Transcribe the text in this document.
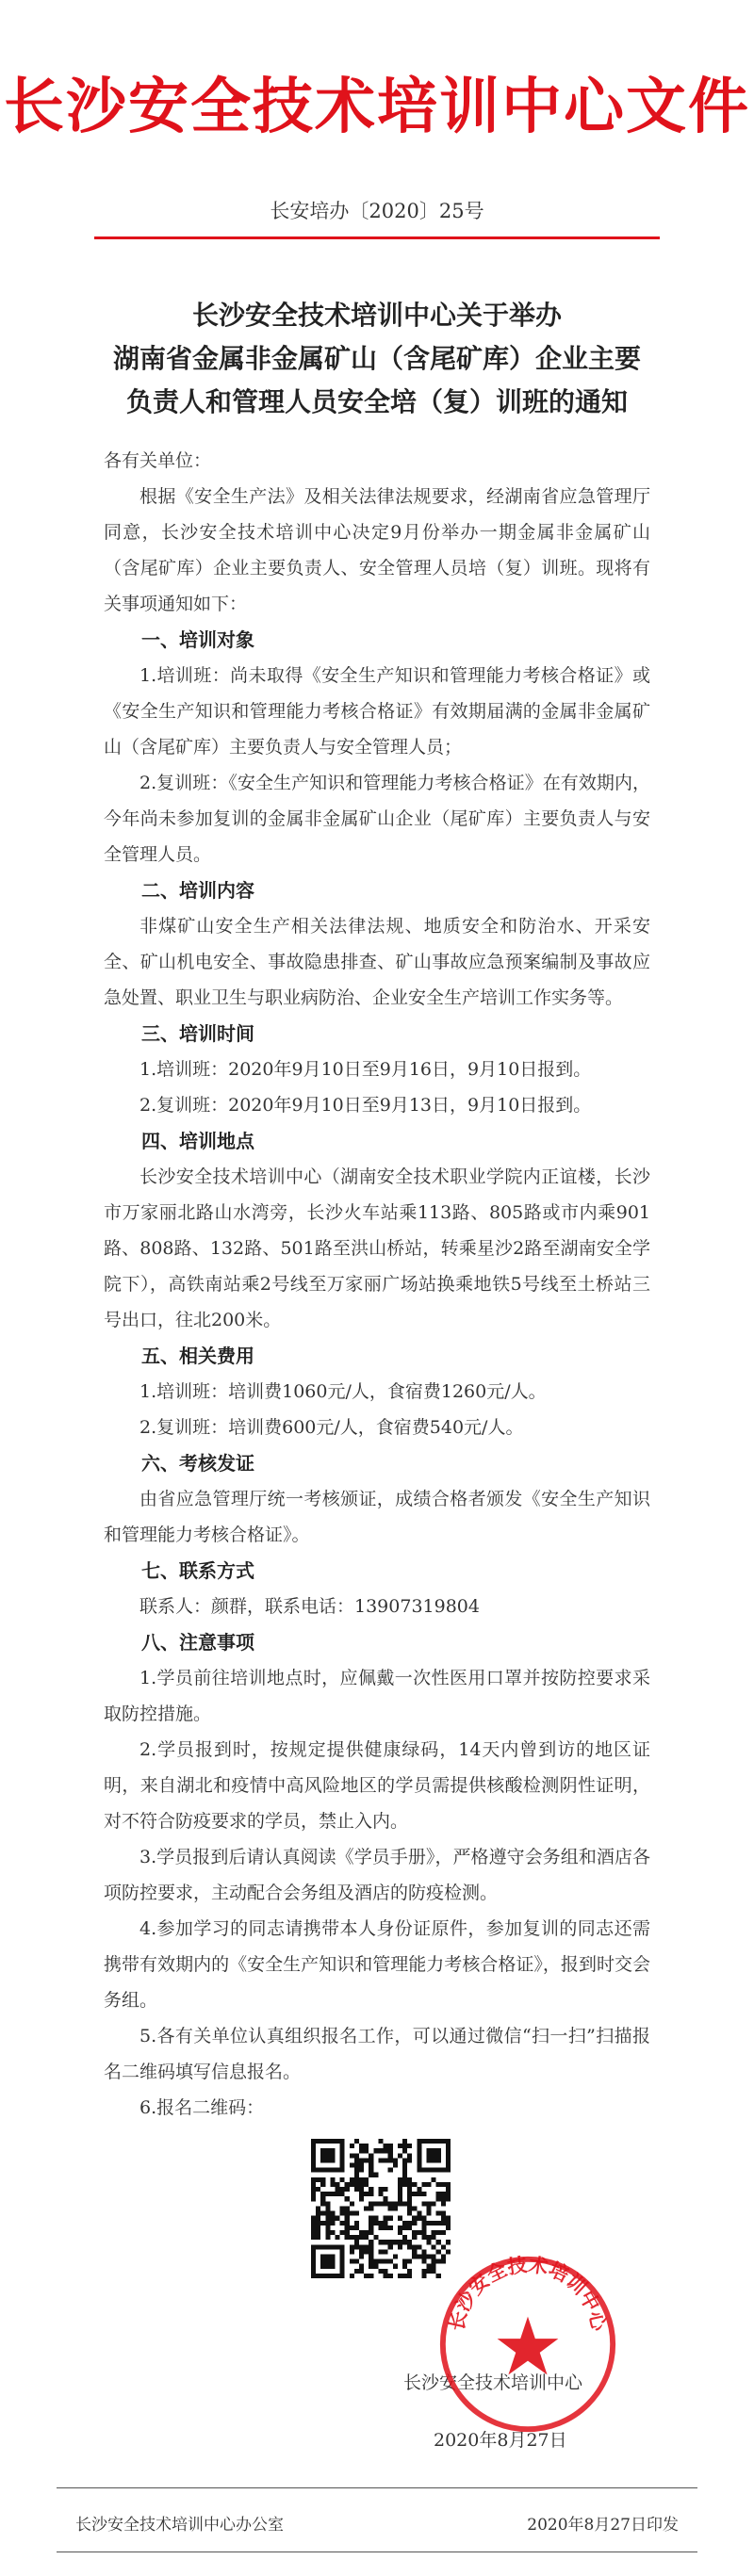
长沙安全技术培训中心文件
长安培办〔2020〕25号
长沙安全技术培训中心关于举办
湖南省金属非金属矿山（含尾矿库）企业主要
负责人和管理人员安全培（复）训班的通知

各有关单位：

根据《安全生产法》及相关法律法规要求，经湖南省应急管理厅同意，长沙安全技术培训中心决定9月份举办一期金属非金属矿山（含尾矿库）企业主要负责人、安全管理人员培（复）训班。现将有关事项通知如下：

一、培训对象

1.培训班：尚未取得《安全生产知识和管理能力考核合格证》或《安全生产知识和管理能力考核合格证》有效期届满的金属非金属矿山（含尾矿库）主要负责人与安全管理人员；

2.复训班：《安全生产知识和管理能力考核合格证》在有效期内，今年尚未参加复训的金属非金属矿山企业（尾矿库）主要负责人与安全管理人员。

二、培训内容

非煤矿山安全生产相关法律法规、地质安全和防治水、开采安全、矿山机电安全、事故隐患排查、矿山事故应急预案编制及事故应急处置、职业卫生与职业病防治、企业安全生产培训工作实务等。

三、培训时间

1.培训班：2020年9月10日至9月16日，9月10日报到。

2.复训班：2020年9月10日至9月13日，9月10日报到。

四、培训地点

长沙安全技术培训中心（湖南安全技术职业学院内正谊楼，长沙市万家丽北路山水湾旁，长沙火车站乘113路、805路或市内乘901路、808路、132路、501路至洪山桥站，转乘星沙2路至湖南安全学院下），高铁南站乘2号线至万家丽广场站换乘地铁5号线至土桥站三号出口，往北200米。

五、相关费用

1.培训班：培训费1060元/人，食宿费1260元/人。

2.复训班：培训费600元/人，食宿费540元/人。

六、考核发证

由省应急管理厅统一考核颁证，成绩合格者颁发《安全生产知识和管理能力考核合格证》。

七、联系方式

联系人：颜群，联系电话：13907319804

八、注意事项

1.学员前往培训地点时，应佩戴一次性医用口罩并按防控要求采取防控措施。

2.学员报到时，按规定提供健康绿码，14天内曾到访的地区证明，来自湖北和疫情中高风险地区的学员需提供核酸检测阴性证明，对不符合防疫要求的学员，禁止入内。

3.学员报到后请认真阅读《学员手册》，严格遵守会务组和酒店各项防控要求，主动配合会务组及酒店的防疫检测。

4.参加学习的同志请携带本人身份证原件，参加复训的同志还需携带有效期内的《安全生产知识和管理能力考核合格证》，报到时交会务组。

5.各有关单位认真组织报名工作，可以通过微信“扫一扫”扫描报名二维码填写信息报名。

6.报名二维码：

长沙安全技术培训中心
2020年8月27日
长沙安全技术培训中心
长沙安全技术培训中心办公室	2020年8月27日印发
